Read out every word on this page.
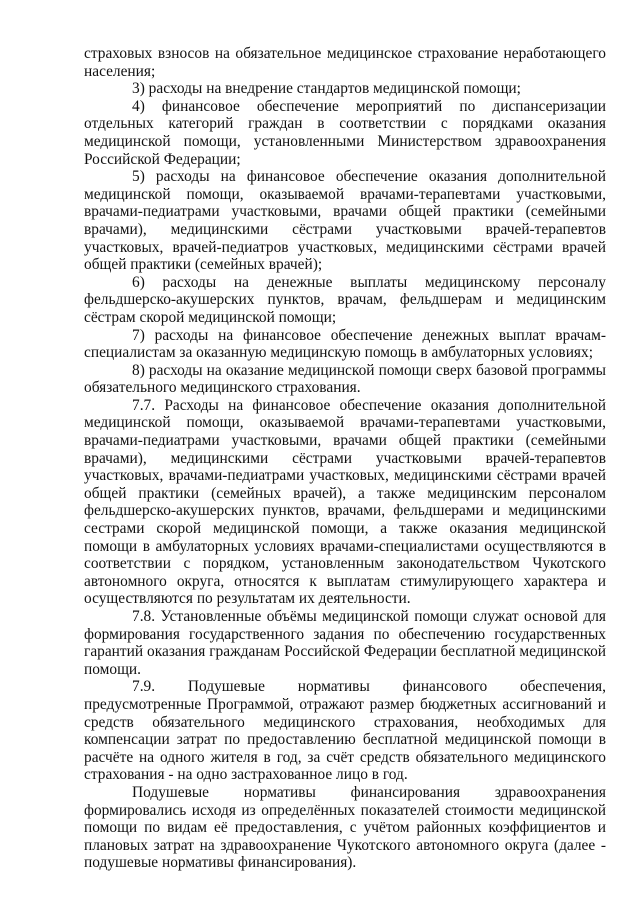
страховых взносов на обязательное медицинское страхование неработающего населения;

3) расходы на внедрение стандартов медицинской помощи;

4) финансовое обеспечение мероприятий по диспансеризации отдельных категорий граждан в соответствии с порядками оказания медицинской помощи, установленными Министерством здравоохранения Российской Федерации;

5) расходы на финансовое обеспечение оказания дополнительной медицинской помощи, оказываемой врачами-терапевтами участковыми, врачами-педиатрами участковыми, врачами общей практики (семейными врачами), медицинскими сёстрами участковыми врачей-терапевтов участковых, врачей-педиатров участковых, медицинскими сёстрами врачей общей практики (семейных врачей);

6) расходы на денежные выплаты медицинскому персоналу фельдшерско-акушерских пунктов, врачам, фельдшерам и медицинским сёстрам скорой медицинской помощи;

7) расходы на финансовое обеспечение денежных выплат врачам-специалистам за оказанную медицинскую помощь в амбулаторных условиях;

8) расходы на оказание медицинской помощи сверх базовой программы обязательного медицинского страхования.

7.7. Расходы на финансовое обеспечение оказания дополнительной медицинской помощи, оказываемой врачами-терапевтами участковыми, врачами-педиатрами участковыми, врачами общей практики (семейными врачами), медицинскими сёстрами участковыми врачей-терапевтов участковых, врачами-педиатрами участковых, медицинскими сёстрами врачей общей практики (семейных врачей), а также медицинским персоналом фельдшерско-акушерских пунктов, врачами, фельдшерами и медицинскими сестрами скорой медицинской помощи, а также оказания медицинской помощи в амбулаторных условиях врачами-специалистами осуществляются в соответствии с порядком, установленным законодательством Чукотского автономного округа, относятся к выплатам стимулирующего характера и осуществляются по результатам их деятельности.

7.8. Установленные объёмы медицинской помощи служат основой для формирования государственного задания по обеспечению государственных гарантий оказания гражданам Российской Федерации бесплатной медицинской помощи.

7.9. Подушевые нормативы финансового обеспечения, предусмотренные Программой, отражают размер бюджетных ассигнований и средств обязательного медицинского страхования, необходимых для компенсации затрат по предоставлению бесплатной медицинской помощи в расчёте на одного жителя в год, за счёт средств обязательного медицинского страхования - на одно застрахованное лицо в год.

Подушевые нормативы финансирования здравоохранения формировались исходя из определённых показателей стоимости медицинской помощи по видам её предоставления, с учётом районных коэффициентов и плановых затрат на здравоохранение Чукотского автономного округа (далее - подушевые нормативы финансирования).
